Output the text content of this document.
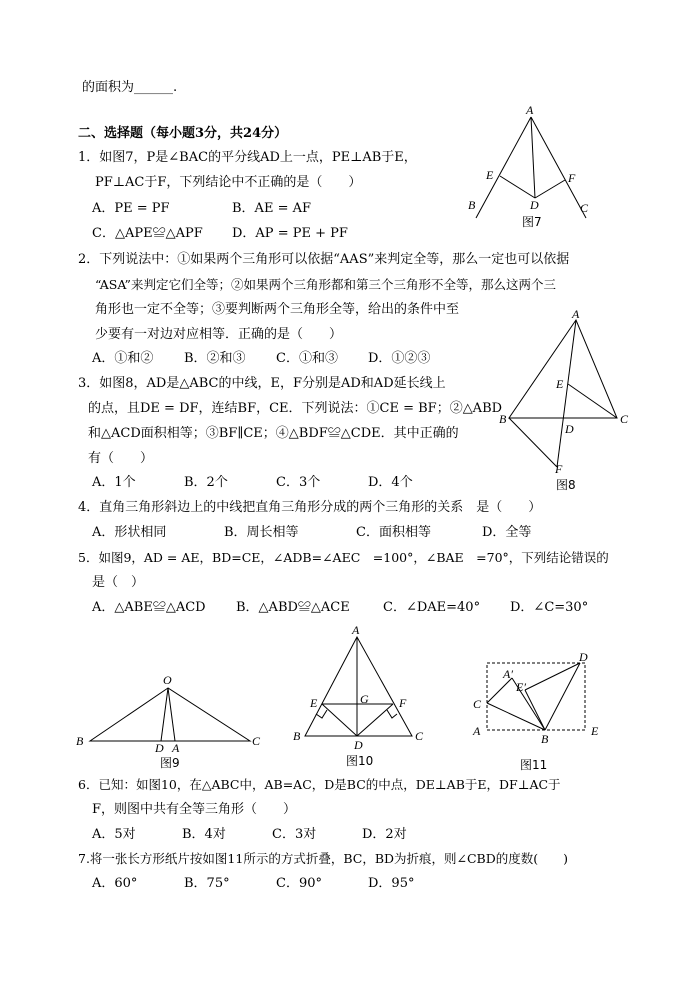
的面积为______.
二、选择题（每小题3分，共24分）
1．如图7，P是∠BAC的平分线AD上一点，PE⊥AB于E，
PF⊥AC于F，下列结论中不正确的是（　　）
A．PE = PF	B．AE = AF
C．△APE≌△APF D．AP = PE + PF
A
E	F
B	D	C
图7
2．下列说法中：①如果两个三角形可以依据“AAS”来判定全等，那么一定也可以依据
“ASA”来判定它们全等；②如果两个三角形都和第三个三角形不全等，那么这两个三
角形也一定不全等；③要判断两个三角形全等，给出的条件中至
少要有一对边对应相等．正确的是（　　）
A．①和② B．②和③ C．①和③ D．①②③
A
E
B	C
D
F
图8
3．如图8，AD是△ABC的中线，E，F分别是AD和AD延长线上
的点，且DE = DF，连结BF，CE．下列说法：①CE = BF；②△ABD
和△ACD面积相等；③BF∥CE；④△BDF≌△CDE．其中正确的
有（　　）
A．1个	B．2个	C．3个	D．4个
4．直角三角形斜边上的中线把直角三角形分成的两个三角形的关系　是（　　）
A．形状相同	B．周长相等	C．面积相等	D．全等
5．如图9，AD = AE，BD=CE，∠ADB=∠AEC　=100°，∠BAE　=70°，下列结论错误的
是（　）
A．△ABE≌△ACD B．△ABD≌△ACE	C．∠DAE=40° D．∠C=30°
O
B	C
D A
图9
A
E	G	F
B
D
C
图10
D
A′
E′
C
A
B
E
图11
6．已知：如图10，在△ABC中，AB=AC，D是BC的中点，DE⊥AB于E，DF⊥AC于
F，则图中共有全等三角形（　　）
A．5对	B．4对	C．3对	D．2对
7.将一张长方形纸片按如图11所示的方式折叠，BC，BD为折痕，则∠CBD的度数(　　)
A．60°	B．75°	C．90°	D．95°
